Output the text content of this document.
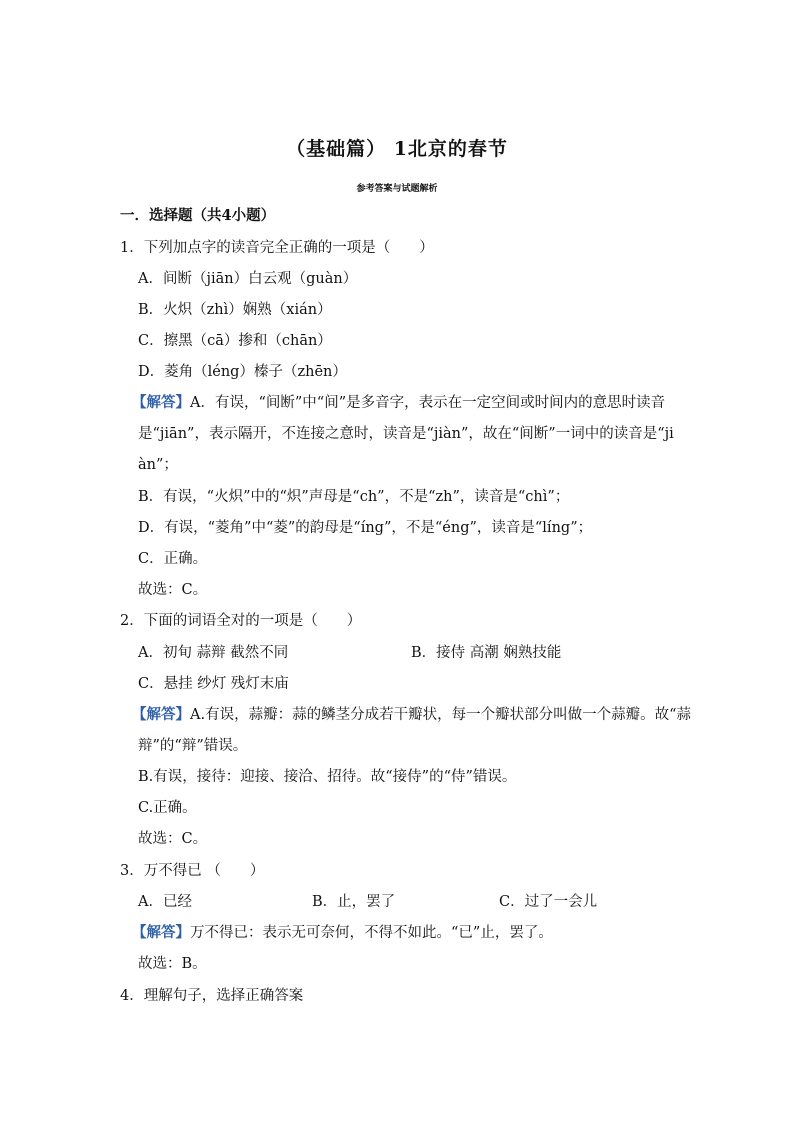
（基础篇） 1北京的春节
参考答案与试题解析
一．选择题（共4小题）
1．下列加点字的读音完全正确的一项是（　　）
A．间断（jiān）白云观（guàn）
B．火炽（zhì）娴熟（xián）
C．擦黑（cā）掺和（chān）
D．菱角（léng）榛子（zhēn）
【解答】A．有误，“间断”中“间”是多音字，表示在一定空间或时间内的意思时读音
是“jiān”，表示隔开，不连接之意时，读音是“jiàn”，故在“间断”一词中的读音是“ji
àn”；
B．有误，“火炽”中的“炽”声母是“ch”，不是“zh”，读音是“chì”；
D．有误，“菱角”中“菱”的韵母是“íng”，不是“éng”，读音是“líng”；
C．正确。
故选：C。
2．下面的词语全对的一项是（　　）
A．初旬 蒜辩 截然不同	B．接侍 高潮 娴熟技能
C．悬挂 纱灯 残灯末庙
【解答】A.有误，蒜瓣：蒜的鳞茎分成若干瓣状，每一个瓣状部分叫做一个蒜瓣。故“蒜
辩”的“辩”错误。
B.有误，接待：迎接、接洽、招待。故“接侍”的“侍”错误。
C.正确。
故选：C。
3．万不得已 （　　）
A．已经	B．止，罢了	C．过了一会儿
【解答】万不得已：表示无可奈何，不得不如此。“已”止，罢了。
故选：B。
4．理解句子，选择正确答案
